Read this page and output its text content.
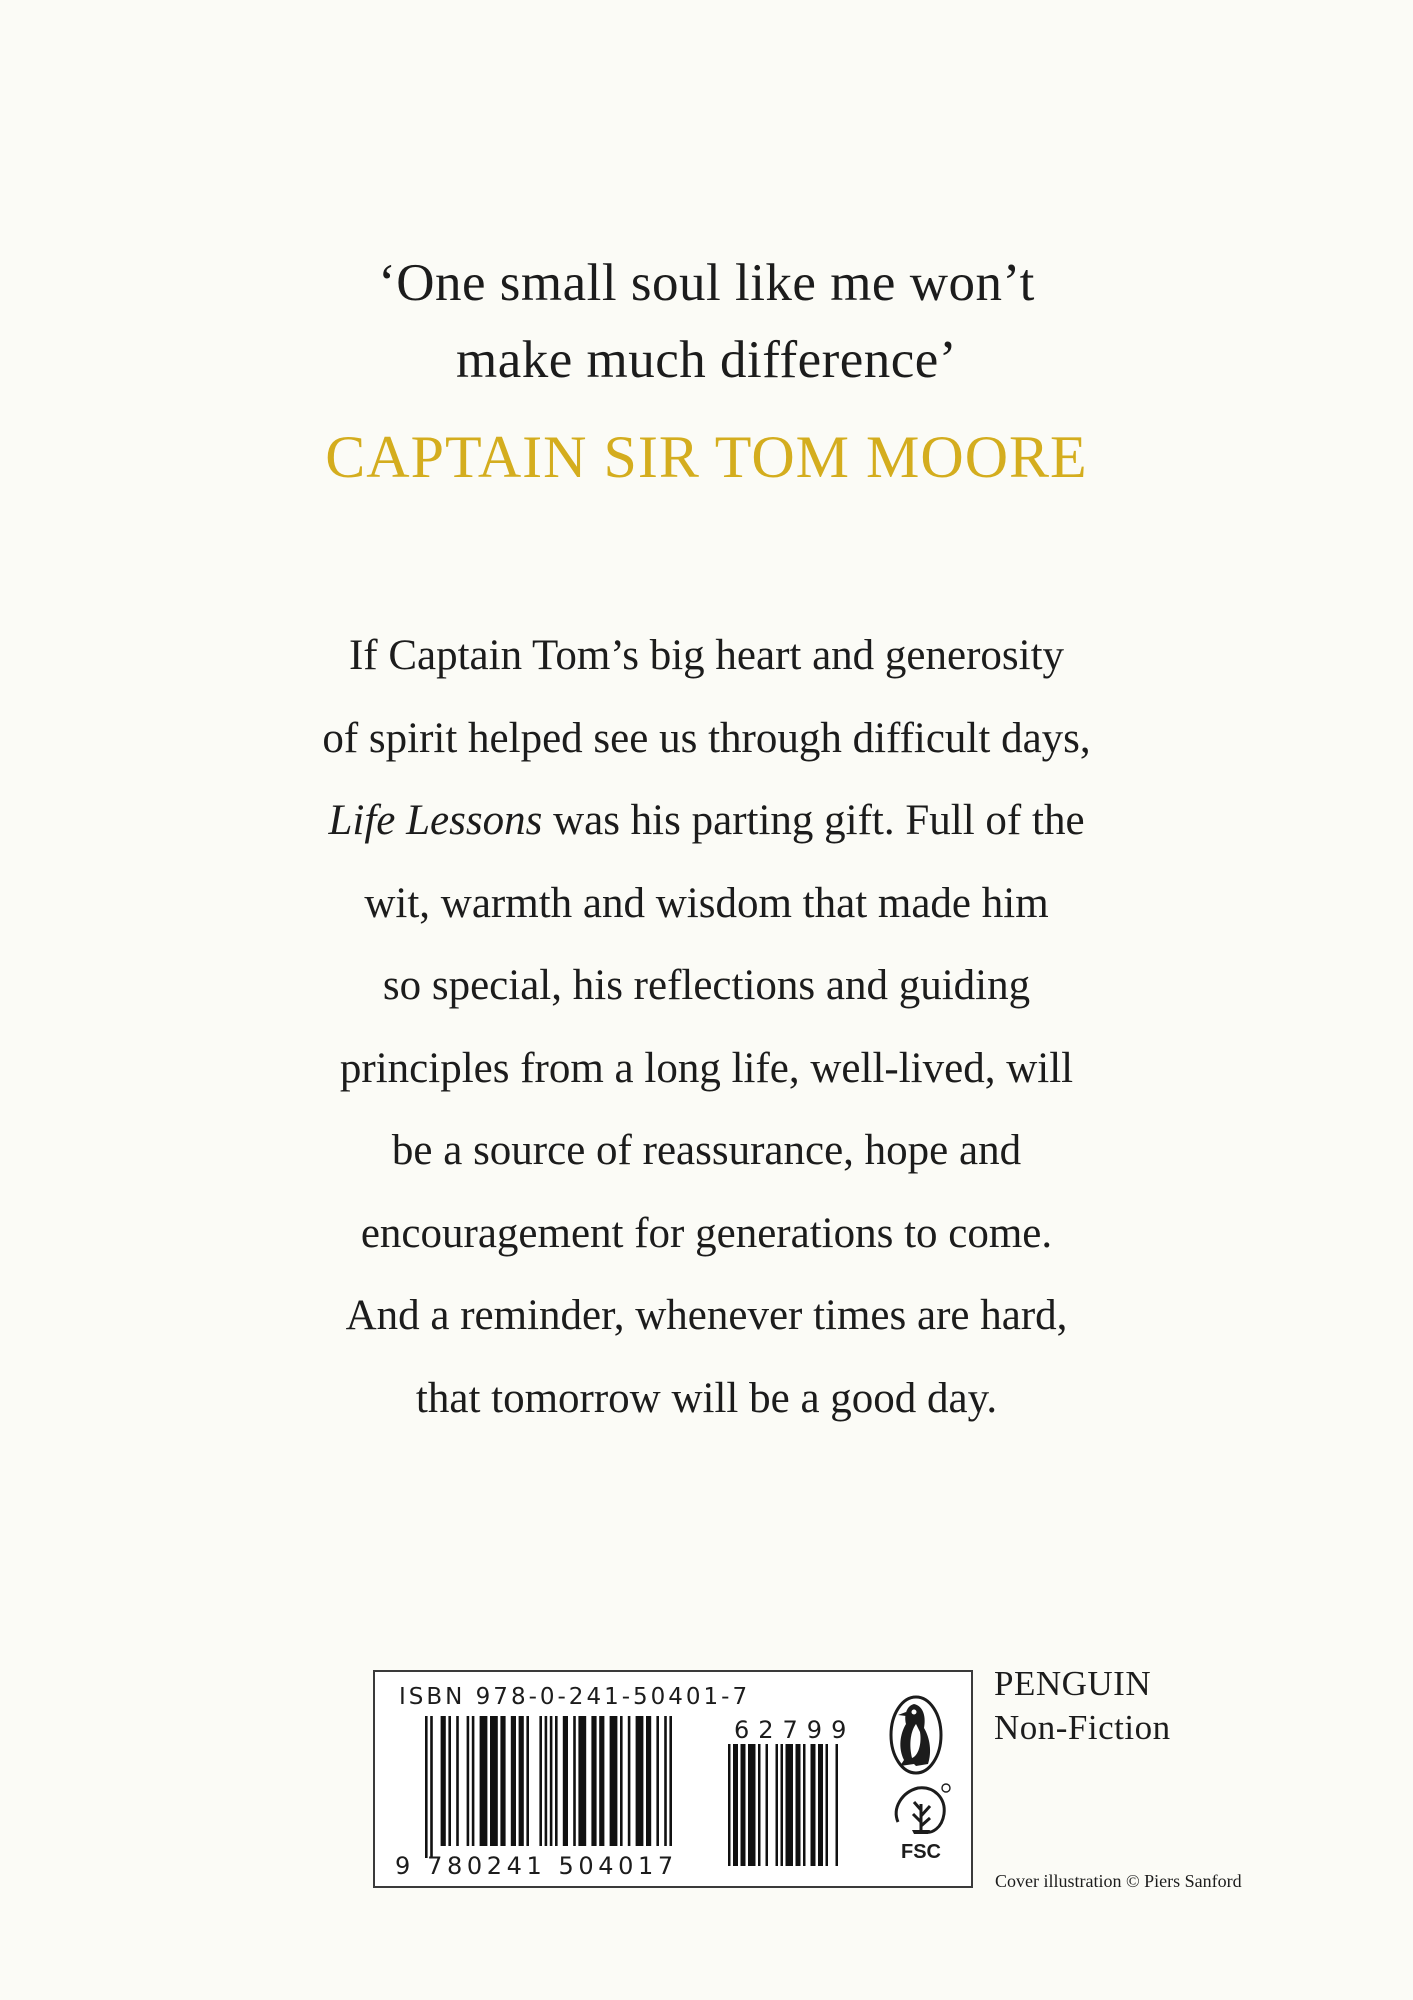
‘One small soul like me won’t
make much difference’
CAPTAIN SIR TOM MOORE
If Captain Tom’s big heart and generosity
of spirit helped see us through difficult days,
Life Lessons was his parting gift. Full of the
wit, warmth and wisdom that made him
so special, his reflections and guiding
principles from a long life, well-lived, will
be a source of reassurance, hope and
encouragement for generations to come.
And a reminder, whenever times are hard,
that tomorrow will be a good day.
ISBN 978-0-241-50401-7
9 780241 504017
62799
FSC
PENGUIN
Non-Fiction
Cover illustration © Piers Sanford
